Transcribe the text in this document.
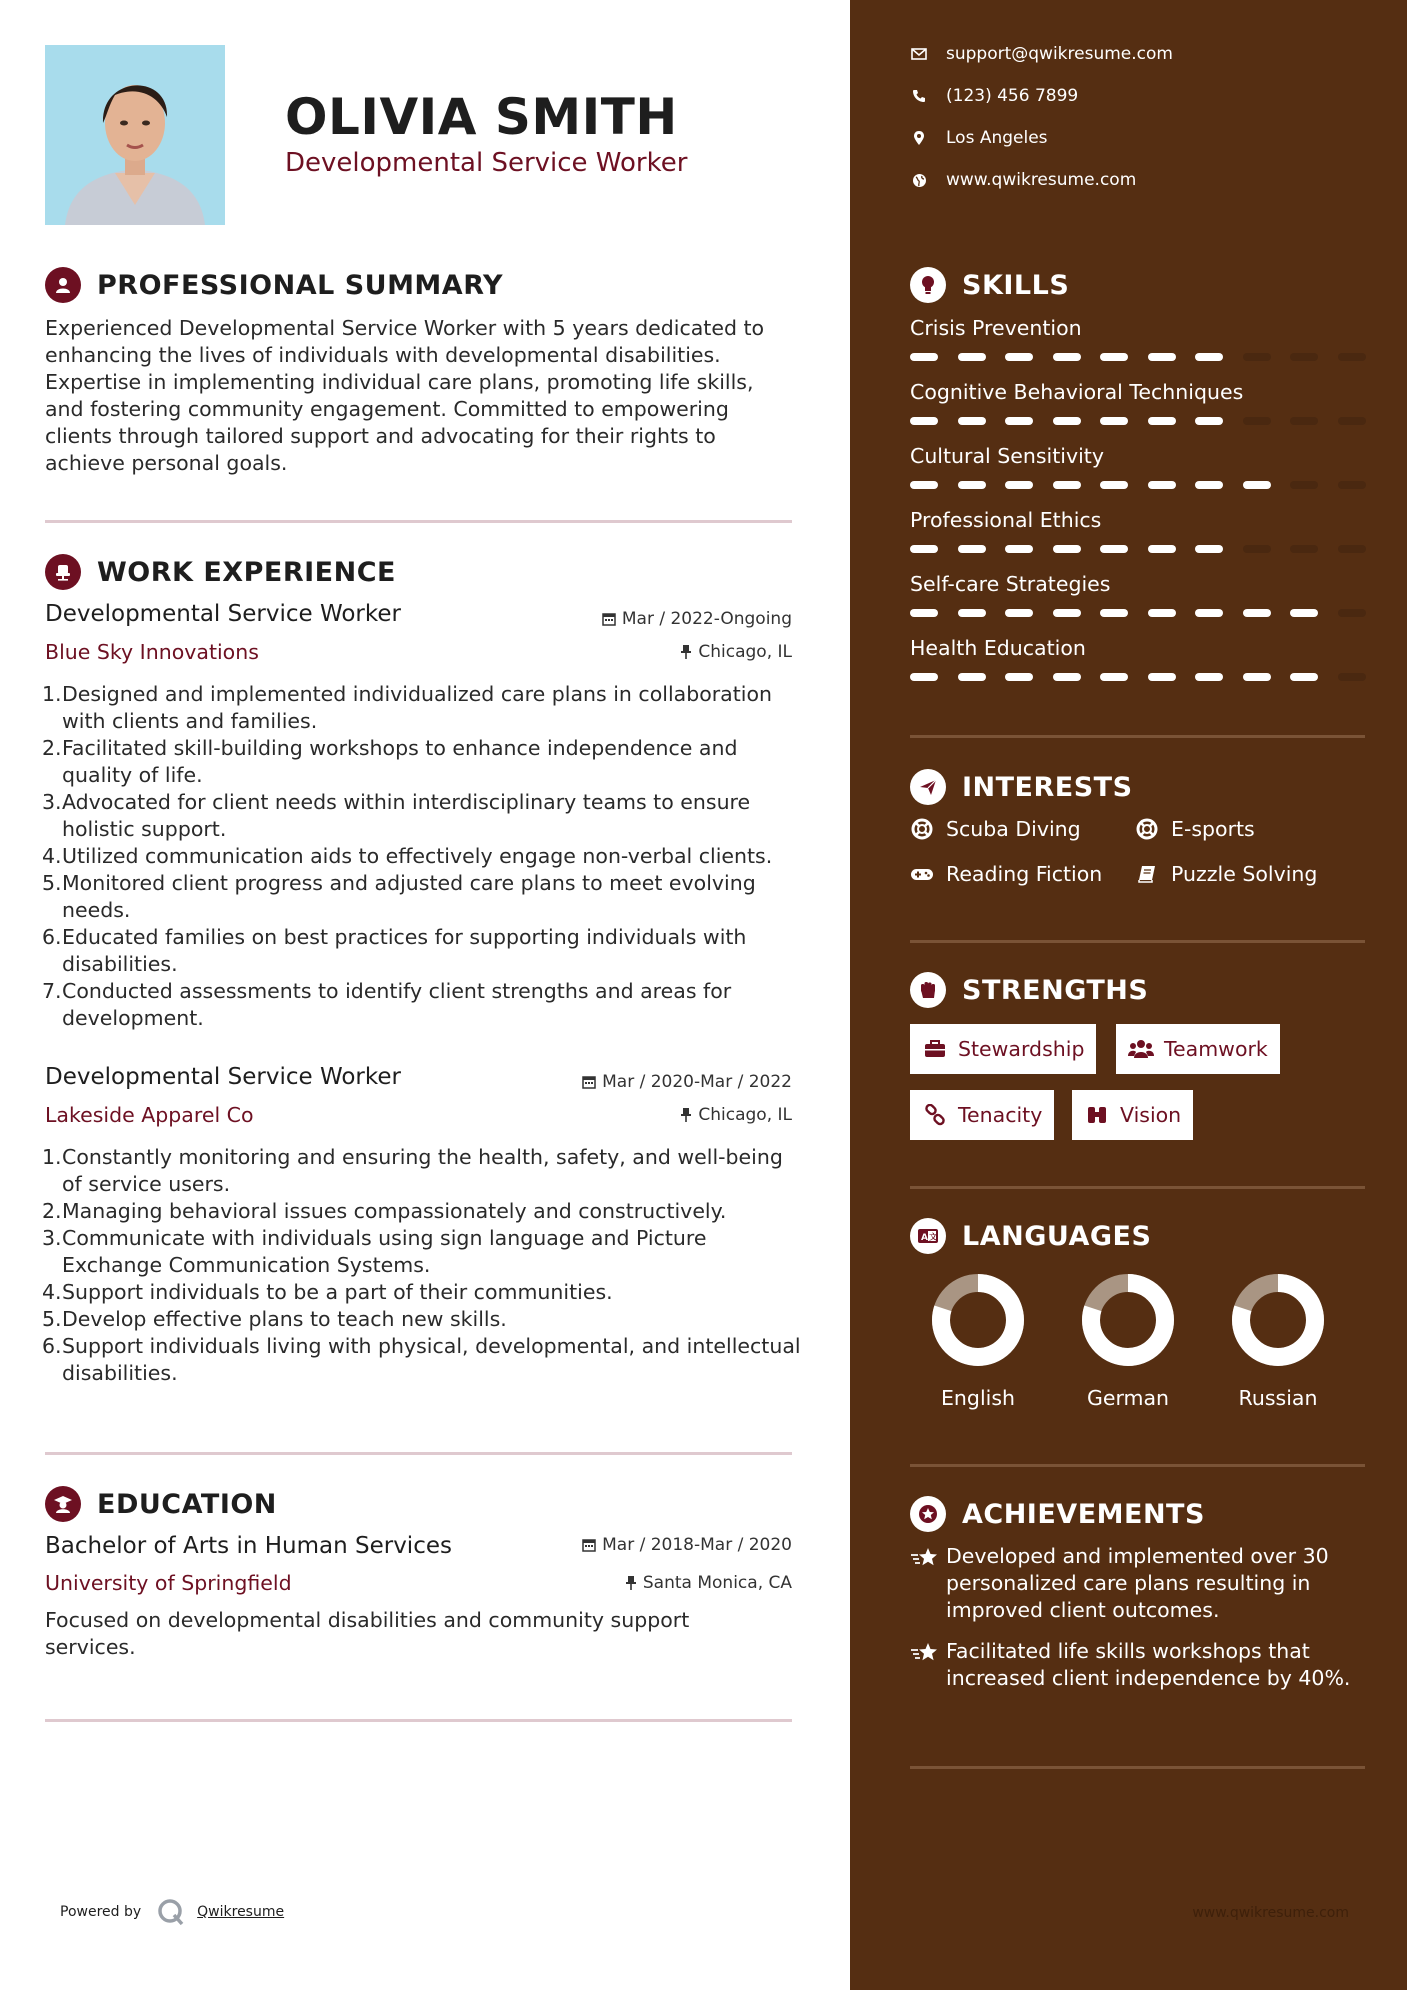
OLIVIA SMITH
Developmental Service Worker
PROFESSIONAL SUMMARY
Experienced Developmental Service Worker with 5 years dedicated to enhancing the lives of individuals with developmental disabilities. Expertise in implementing individual care plans, promoting life skills, and fostering community engagement. Committed to empowering clients through tailored support and advocating for their rights to achieve personal goals.
WORK EXPERIENCE
Developmental Service Worker	Mar / 2022-Ongoing
Blue Sky Innovations	Chicago, IL
1. Designed and implemented individualized care plans in collaboration with clients and families.
2. Facilitated skill-building workshops to enhance independence and quality of life.
3. Advocated for client needs within interdisciplinary teams to ensure holistic support.
4. Utilized communication aids to effectively engage non-verbal clients.
5. Monitored client progress and adjusted care plans to meet evolving needs.
6. Educated families on best practices for supporting individuals with disabilities.
7. Conducted assessments to identify client strengths and areas for development.
Developmental Service Worker	Mar / 2020-Mar / 2022
Lakeside Apparel Co	Chicago, IL
1. Constantly monitoring and ensuring the health, safety, and well-being of service users.
2. Managing behavioral issues compassionately and constructively.
3. Communicate with individuals using sign language and Picture Exchange Communication Systems.
4. Support individuals to be a part of their communities.
5. Develop effective plans to teach new skills.
6. Support individuals living with physical, developmental, and intellectual disabilities.
EDUCATION
Bachelor of Arts in Human Services	Mar / 2018-Mar / 2020
University of Springfield	Santa Monica, CA
Focused on developmental disabilities and community support services.
Powered by	Qwikresume
support@qwikresume.com
(123) 456 7899
Los Angeles
www.qwikresume.com
SKILLS
Crisis Prevention
Cognitive Behavioral Techniques
Cultural Sensitivity
Professional Ethics
Self-care Strategies
Health Education
INTERESTS
Scuba Diving	E-sports
Reading Fiction	Puzzle Solving
STRENGTHS
Stewardship	Teamwork
Tenacity	Vision
A 文 LANGUAGES
English	German	Russian
ACHIEVEMENTS
Developed and implemented over 30 personalized care plans resulting in improved client outcomes.
Facilitated life skills workshops that increased client independence by 40%.
www.qwikresume.com
